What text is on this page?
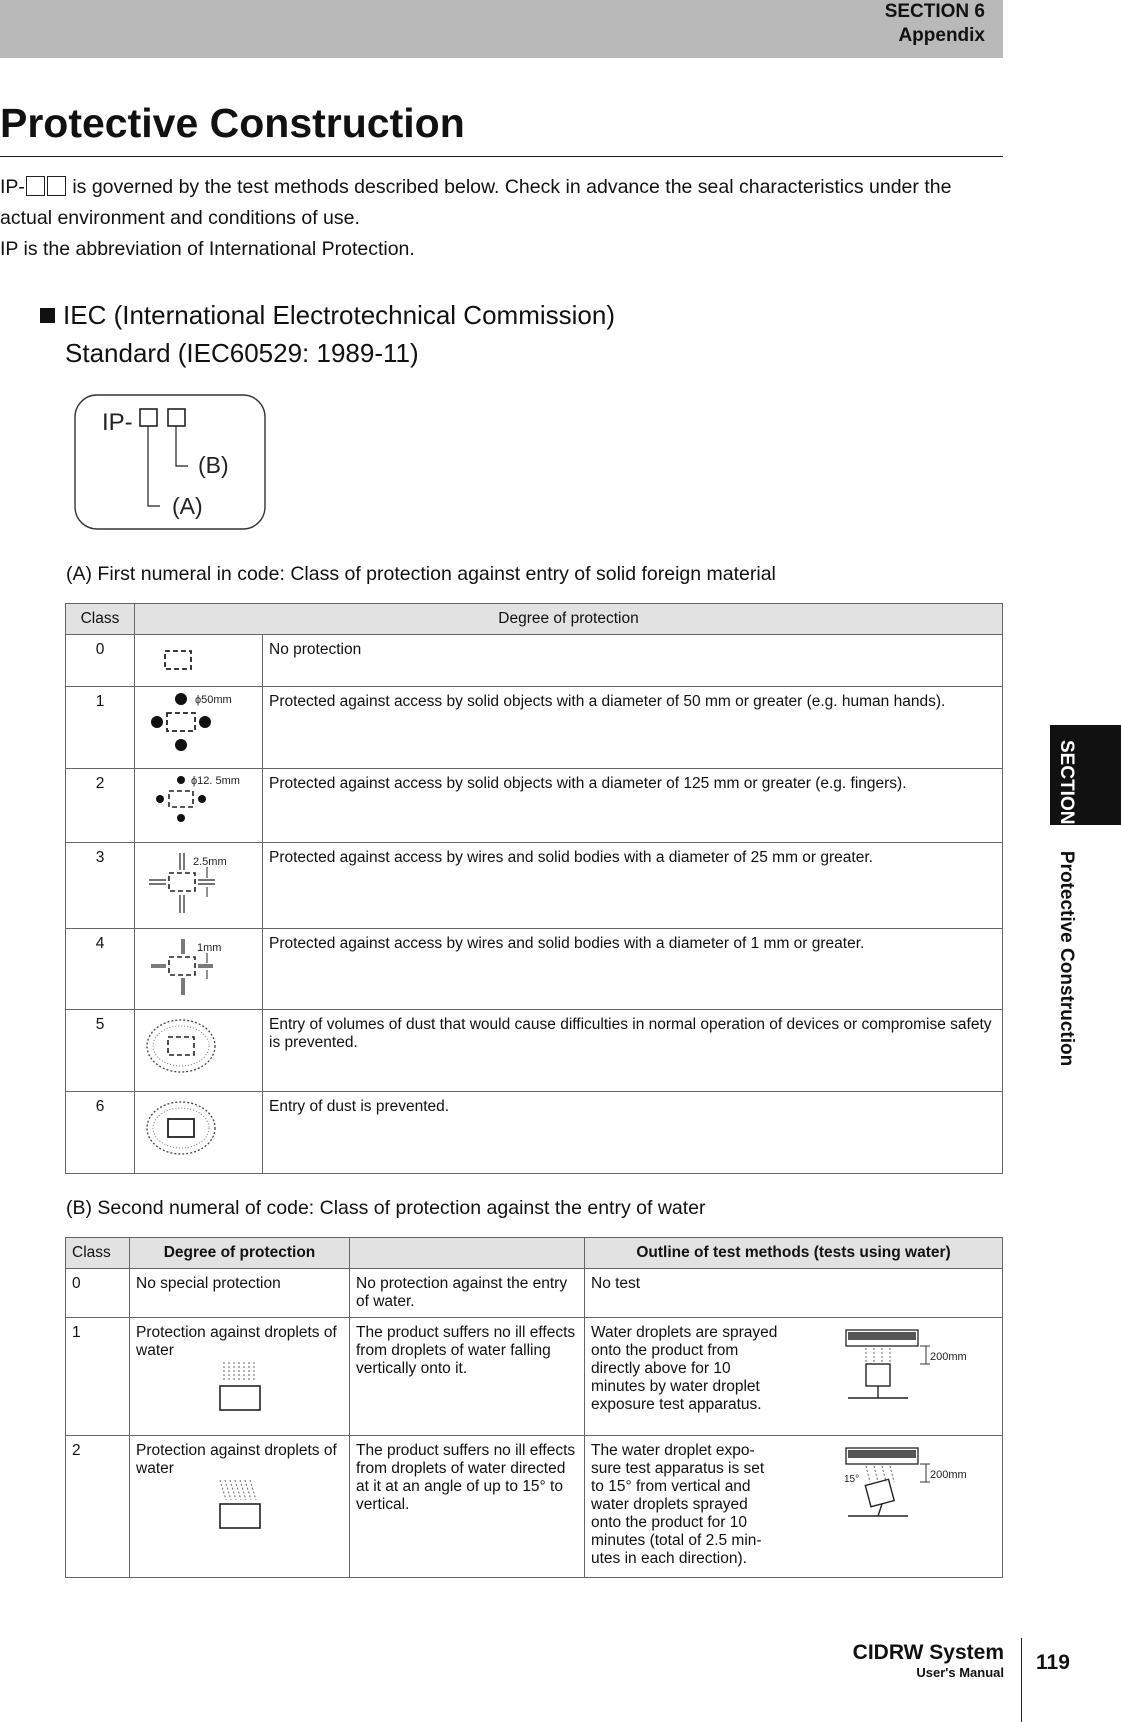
SECTION 6
Appendix
Protective Construction
IP- is governed by the test methods described below. Check in advance the seal characteristics under the actual environment and conditions of use.
IP is the abbreviation of International Protection.
IEC (International Electrotechnical Commission)
Standard (IEC60529: 1989-11)
IP-
(B)
(A)
(A) First numeral in code: Class of protection against entry of solid foreign material
Class	Degree of protection	
0		No protection
1	ϕ50mm	Protected against access by solid objects with a diameter of 50 mm or greater (e.g. human hands).
2	ϕ12. 5mm	Protected against access by solid objects with a diameter of 125 mm or greater (e.g. fingers).
3	2.5mm	Protected against access by wires and solid bodies with a diameter of 25 mm or greater.
4	1mm	Protected against access by wires and solid bodies with a diameter of 1 mm or greater.
5		Entry of volumes of dust that would cause difficulties in normal operation of devices or compromise safety is prevented.
6		Entry of dust is prevented.
(B) Second numeral of code: Class of protection against the entry of water
Class	Degree of protection		Outline of test methods (tests using water)
0	No special protection	No protection against the entry of water.	No test
1	Protection against droplets of water	The product suffers no ill effects from droplets of water falling vertically onto it.	Water droplets are sprayed onto the product from directly above for 10 minutes by water droplet exposure test apparatus.
200mm

2	Protection against droplets of water	The product suffers no ill effects from droplets of water directed at it at an angle of up to 15° to vertical.	The water droplet expo-sure test apparatus is set to 15° from vertical and water droplets sprayed onto the product for 10 minutes (total of 2.5 min-utes in each direction).
200mm
15°
SECTION 6  Protective Construction
CIDRW System
User's Manual 119
